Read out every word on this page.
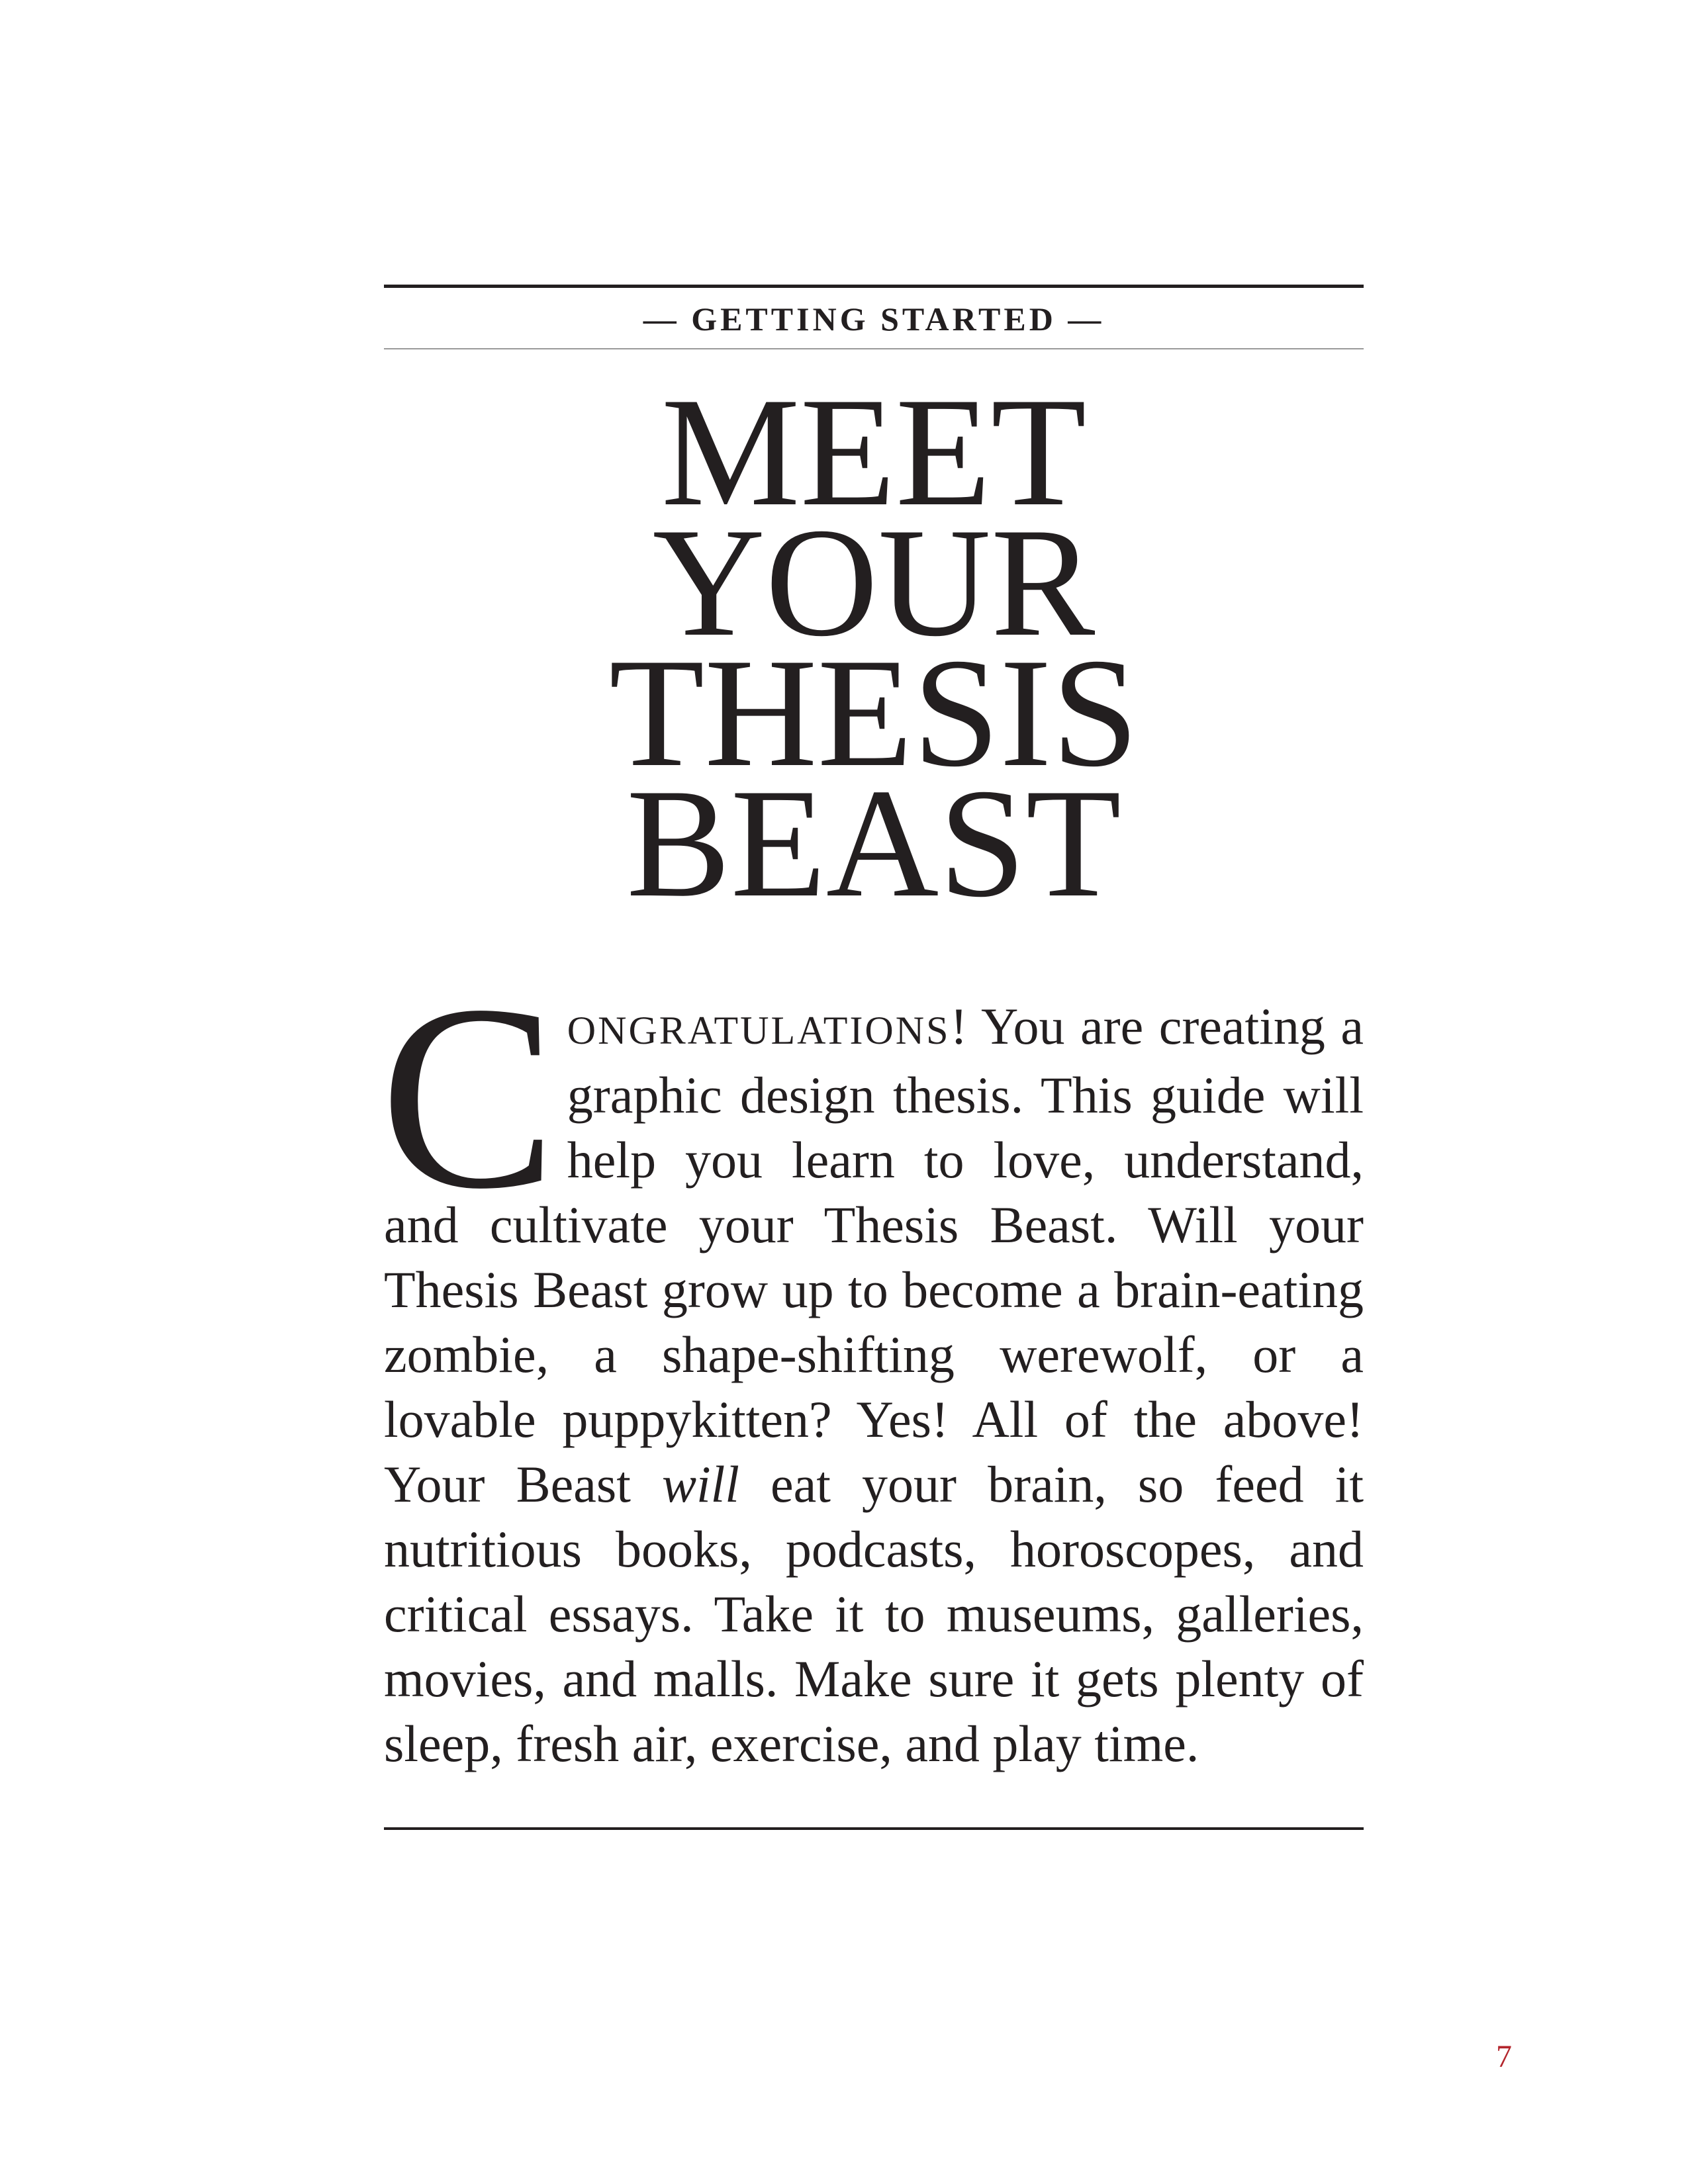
— GETTING STARTED —
MEET
YOUR
THESIS
BEAST

CONGRATULATIONS! You are creating a graphic design thesis. This guide will help you learn to love, understand, and cultivate your Thesis Beast. Will your Thesis Beast grow up to become a brain-eating zombie, a shape-shifting werewolf, or a lovable puppykitten? Yes! All of the above! Your Beast will eat your brain, so feed it nutritious books, podcasts, horoscopes, and critical essays. Take it to museums, galleries, movies, and malls. Make sure it gets plenty of sleep, fresh air, exercise, and play time.

7
